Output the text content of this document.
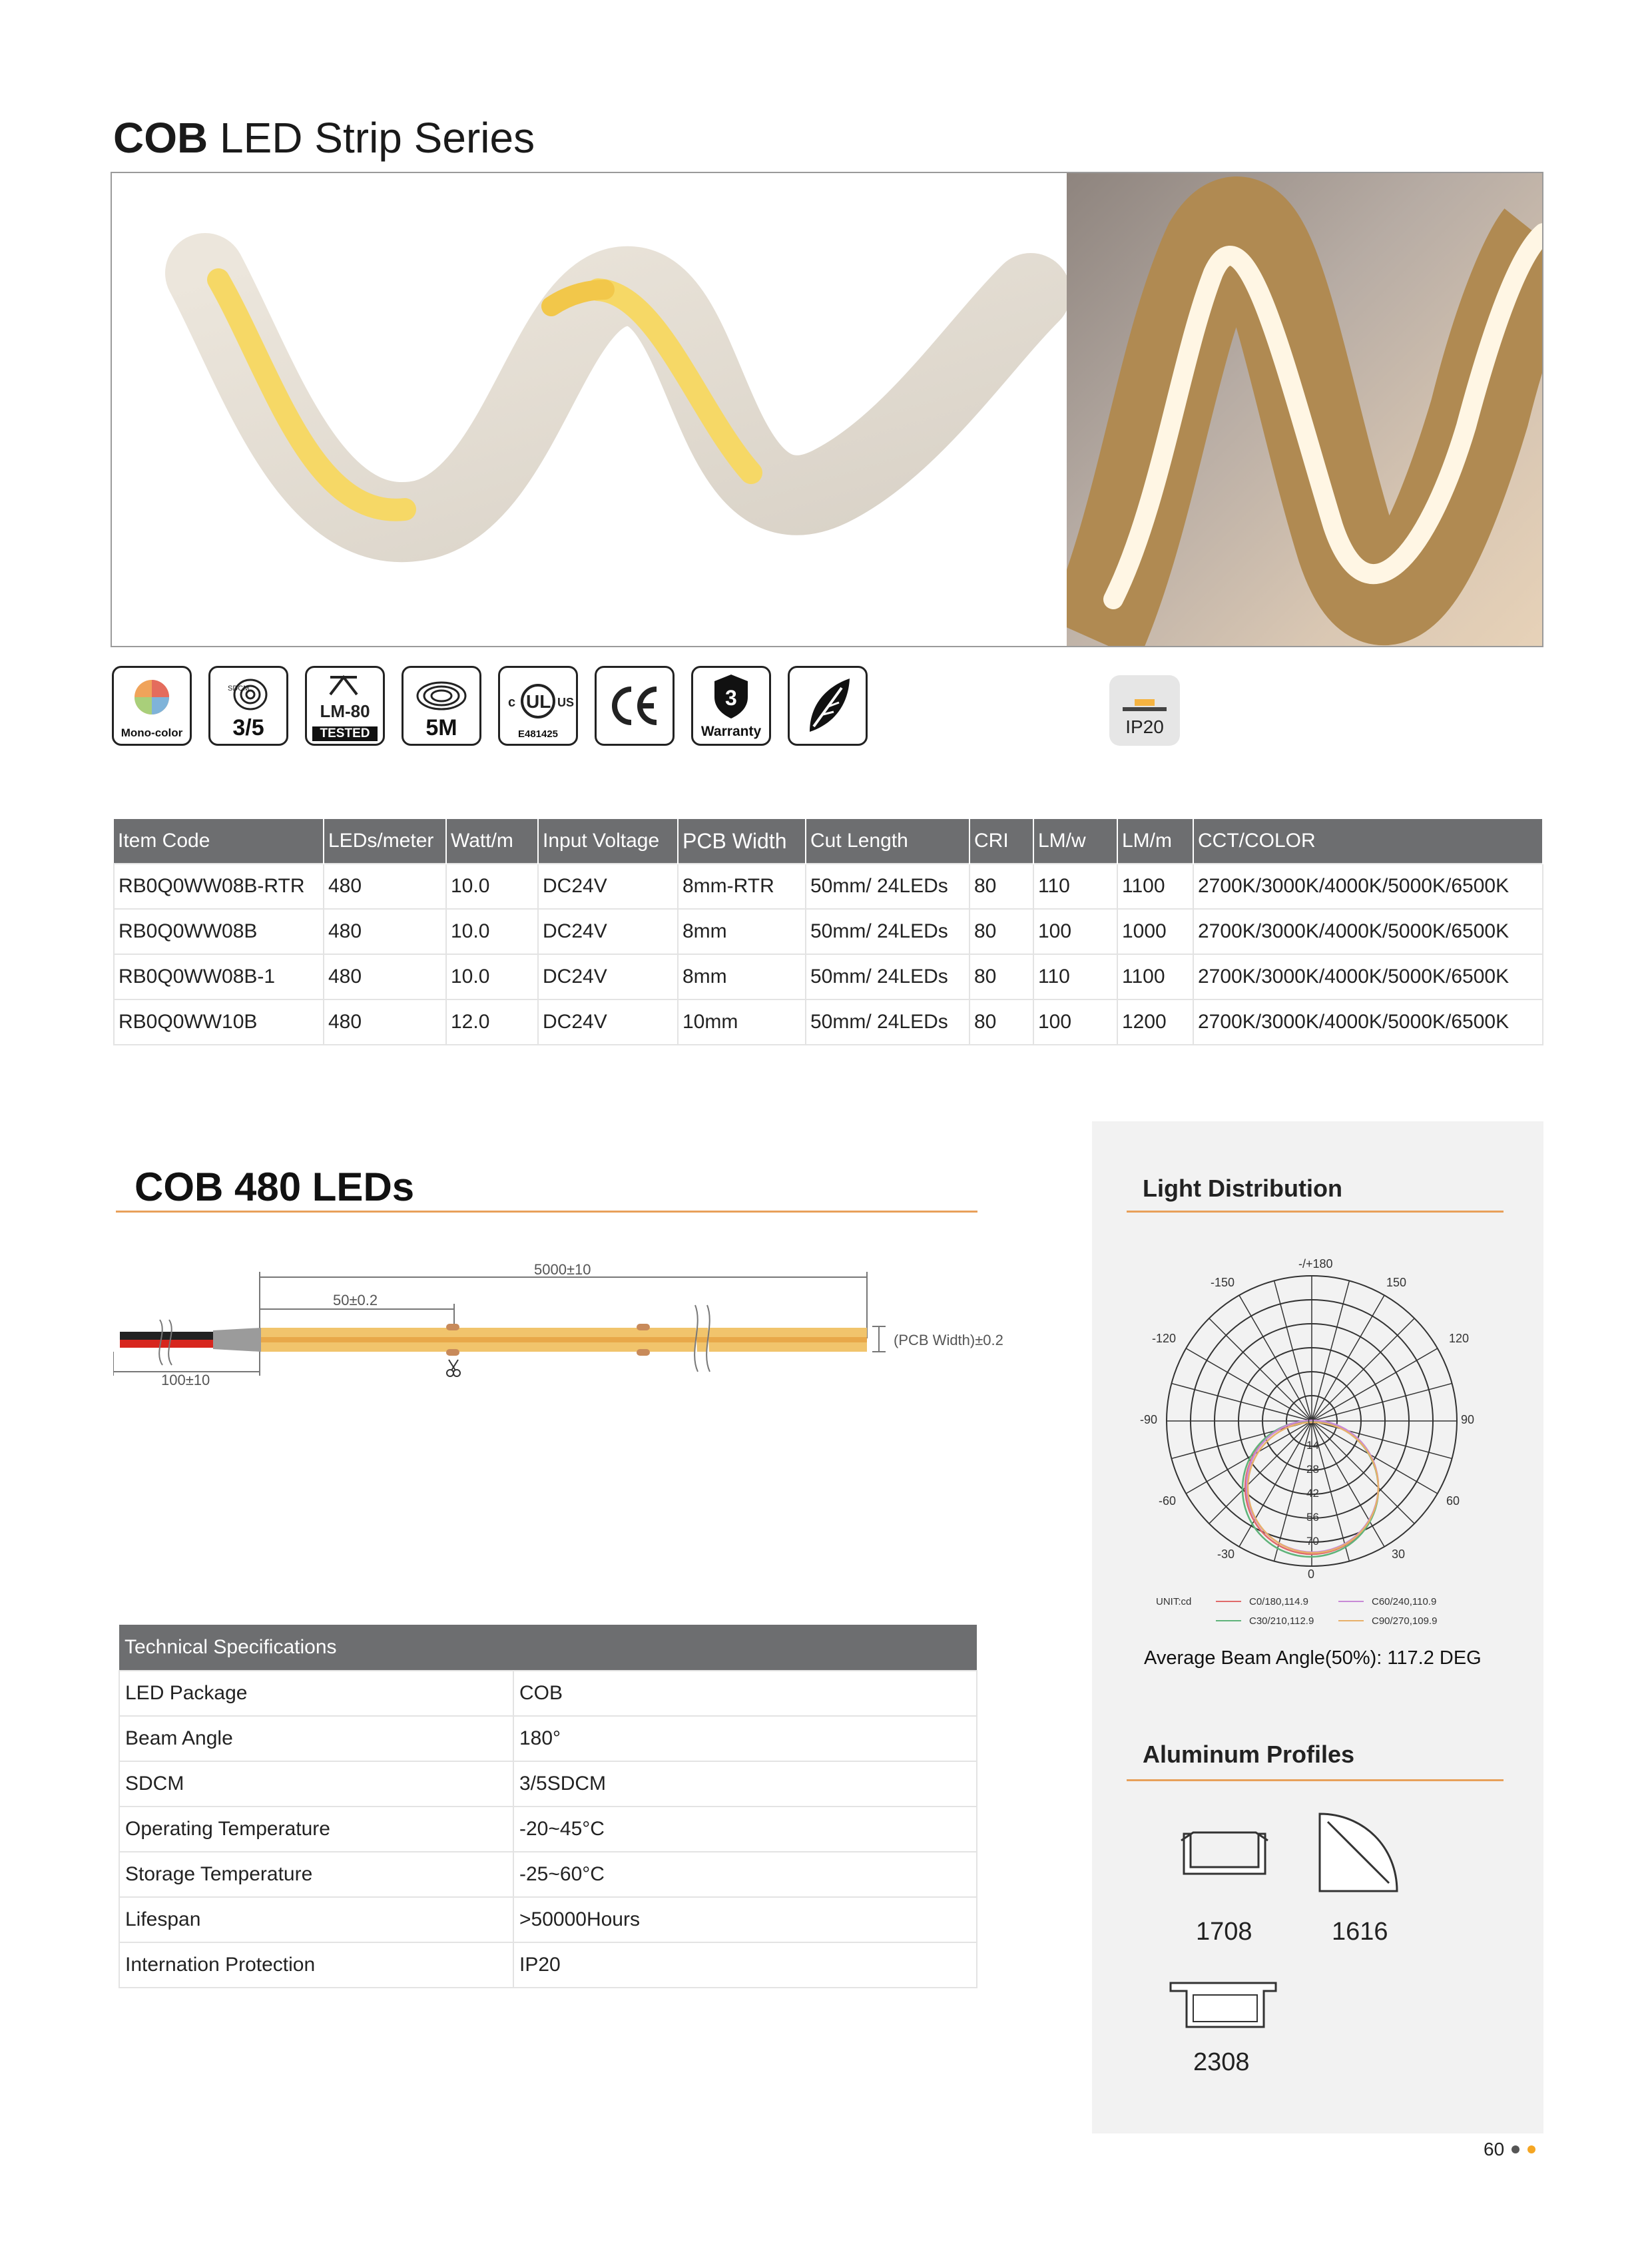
COB LED Strip Series
Mono-color
SDCM
3/5
LM-80
TESTED	5M
UL
c	US
E481425
3
Warranty	IP20
Item Code	LEDs/meter	Watt/m	Input Voltage	PCB Width	Cut Length	CRI	LM/w	LM/m	CCT/COLOR
RB0Q0WW08B-RTR	480	10.0	DC24V	8mm-RTR	50mm/ 24LEDs	80	110	1100	2700K/3000K/4000K/5000K/6500K
RB0Q0WW08B	480	10.0	DC24V	8mm	50mm/ 24LEDs	80	100	1000	2700K/3000K/4000K/5000K/6500K
RB0Q0WW08B-1	480	10.0	DC24V	8mm	50mm/ 24LEDs	80	110	1100	2700K/3000K/4000K/5000K/6500K
RB0Q0WW10B	480	12.0	DC24V	10mm	50mm/ 24LEDs	80	100	1200	2700K/3000K/4000K/5000K/6500K
COB 480 LEDs
5000±10
50±0.2
100±10
(PCB Width)±0.2
Technical Specifications	
LED Package	COB
Beam Angle	180°
SDCM	3/5SDCM
Operating Temperature	-20~45°C
Storage Temperature	-25~60°C
Lifespan	>50000Hours
Internation Protection	IP20
Light Distribution
-/+180
-150	150
-120	120
-90	90
-60	60
-30	30
0
0
14
28
42
56
70
UNIT:cd	C0/180,114.9	C60/240,110.9
C30/210,112.9	C90/270,109.9
Average Beam Angle(50%): 117.2 DEG
Aluminum Profiles
1708	1616
2308
60
